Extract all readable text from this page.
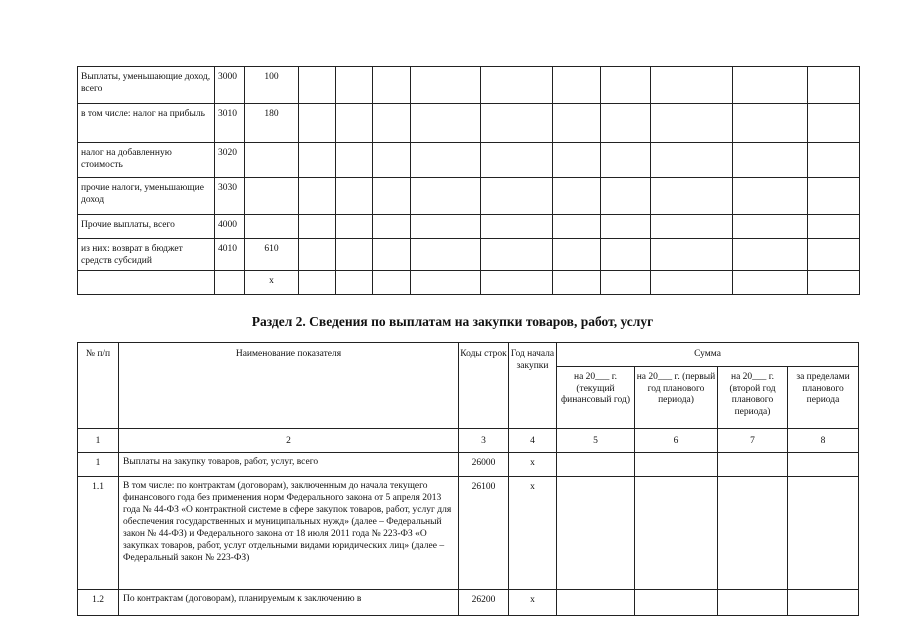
Выплаты, уменьшающие доход, всего	3000	100										
в том числе: налог на прибыль	3010	180										
налог на добавленную стоимость	3020											
прочие налоги, уменьшающие доход	3030											
Прочие выплаты, всего	4000											
из них: возврат в бюджет средств субсидий	4010	610										
		x										
Раздел 2. Сведения по выплатам на закупки товаров, работ, услуг
№ п/п	Наименование показателя	Коды строк	Год начала закупки	Сумма			
				на 20___ г. (текущий финансовый год)	на 20___ г. (первый год планового периода)	на 20___ г. (второй год планового периода)	за пределами планового периода
1	2	3	4	5	6	7	8
1	Выплаты на закупку товаров, работ, услуг, всего	26000	x				
1.1	В том числе: по контрактам (договорам), заключенным до начала текущего финансового года без применения норм Федерального закона от 5 апреля 2013 года № 44-ФЗ «О контрактной системе в сфере закупок товаров, работ, услуг для обеспечения государственных и муниципальных нужд» (далее – Федеральный закон № 44-ФЗ) и Федерального закона от 18 июля 2011 года № 223-ФЗ «О закупках товаров, работ, услуг отдельными видами юридических лиц» (далее – Федеральный закон № 223-ФЗ)	26100	x				
1.2	По контрактам (договорам), планируемым к заключению в	26200	x				
